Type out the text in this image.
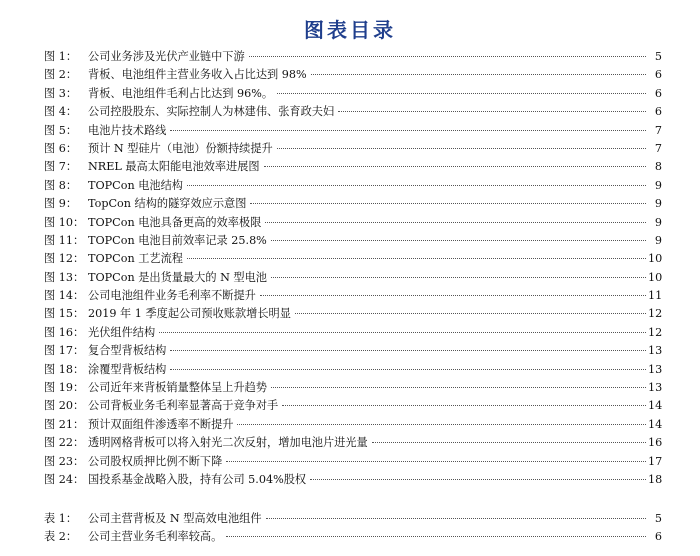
图表目录
图 1： 公司业务涉及光伏产业链中下游	5
图 2： 背板、电池组件主营业务收入占比达到 98%	6
图 3： 背板、电池组件毛利占比达到 96%。	6
图 4： 公司控股股东、实际控制人为林建伟、张育政夫妇	6
图 5： 电池片技术路线	7
图 6： 预计 N 型硅片（电池）份额持续提升	7
图 7： NREL 最高太阳能电池效率进展图	8
图 8： TOPCon 电池结构	9
图 9： TopCon 结构的隧穿效应示意图	9
图 10： TOPCon 电池具备更高的效率极限	9
图 11： TOPCon 电池目前效率记录 25.8%	9
图 12： TOPCon 工艺流程	10
图 13： TOPCon 是出货量最大的 N 型电池	10
图 14： 公司电池组件业务毛利率不断提升	11
图 15： 2019 年 1 季度起公司预收账款增长明显	12
图 16： 光伏组件结构	12
图 17： 复合型背板结构	13
图 18： 涂覆型背板结构	13
图 19： 公司近年来背板销量整体呈上升趋势	13
图 20： 公司背板业务毛利率显著高于竞争对手	14
图 21： 预计双面组件渗透率不断提升	14
图 22： 透明网格背板可以将入射光二次反射，增加电池片进光量	16
图 23： 公司股权质押比例不断下降	17
图 24： 国投系基金战略入股，持有公司 5.04%股权	18
表 1： 公司主营背板及 N 型高效电池组件	5
表 2： 公司主营业务毛利率较高。	6
